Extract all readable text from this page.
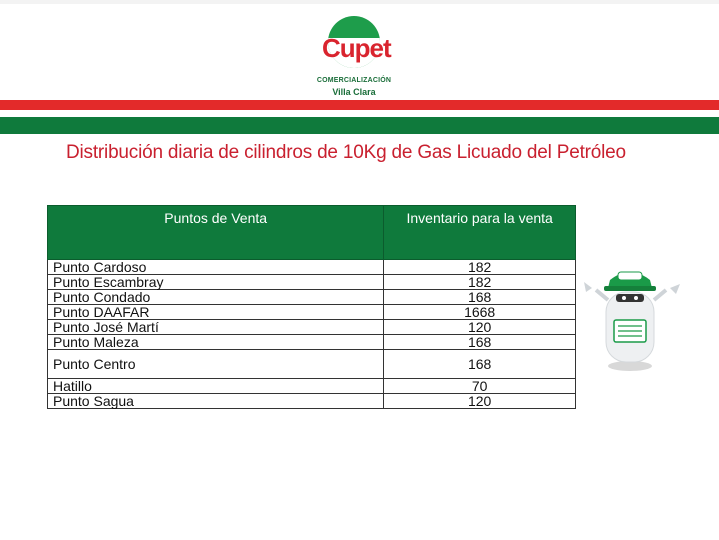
Cupet
COMERCIALIZACIÓN
Villa Clara
Distribución diaria de cilindros de 10Kg de Gas Licuado del Petróleo
Puntos de Venta	Inventario para la venta
Punto Cardoso	182
Punto Escambray	182
Punto Condado	168
Punto DAAFAR	1668
Punto José Martí	120
Punto Maleza	168
Punto Centro	168
Hatillo	70
Punto Sagua	120
